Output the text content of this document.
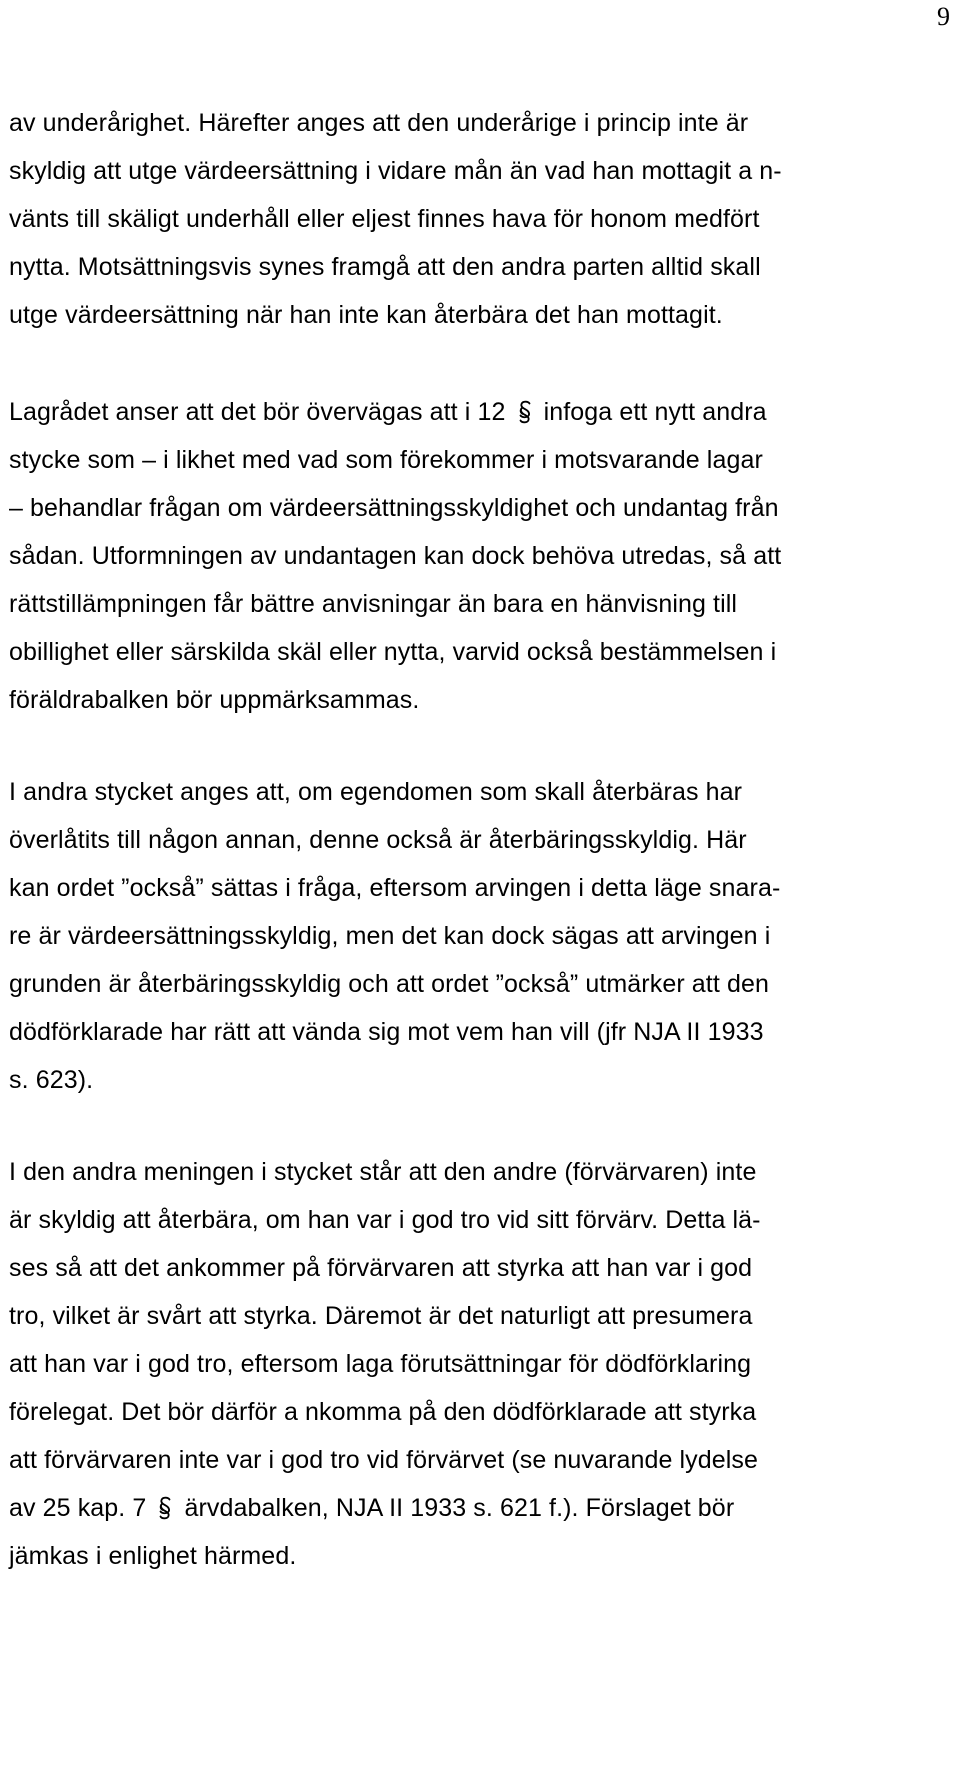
9

av underårighet. Härefter anges att den underårige i princip inte är

skyldig att utge värdeersättning i vidare mån än vad han mottagit a n-

vänts till skäligt underhåll eller eljest finnes hava för honom medfört

nytta. Motsättningsvis synes framgå att den andra parten alltid skall

utge värdeersättning när han inte kan återbära det han mottagit.

Lagrådet anser att det bör övervägas att i 12 infoga ett nytt andra

stycke som – i likhet med vad som förekommer i motsvarande lagar

– behandlar frågan om värdeersättningsskyldighet och undantag från

sådan. Utformningen av undantagen kan dock behöva utredas, så att

rättstillämpningen får bättre anvisningar än bara en hänvisning till

obillighet eller särskilda skäl eller nytta, varvid också bestämmelsen i

föräldrabalken bör uppmärksammas.

I andra stycket anges att, om egendomen som skall återbäras har

överlåtits till någon annan, denne också är återbäringsskyldig. Här

kan ordet ”också” sättas i fråga, eftersom arvingen i detta läge snara-

re är värdeersättningsskyldig, men det kan dock sägas att arvingen i

grunden är återbäringsskyldig och att ordet ”också” utmärker att den

dödförklarade har rätt att vända sig mot vem han vill (jfr NJA II 1933

s. 623).

I den andra meningen i stycket står att den andre (förvärvaren) inte

är skyldig att återbära, om han var i god tro vid sitt förvärv. Detta lä-

ses så att det ankommer på förvärvaren att styrka att han var i god

tro, vilket är svårt att styrka. Däremot är det naturligt att presumera

att han var i god tro, eftersom laga förutsättningar för dödförklaring

förelegat. Det bör därför a nkomma på den dödförklarade att styrka

att förvärvaren inte var i god tro vid förvärvet (se nuvarande lydelse

av 25 kap. 7 ärvdabalken, NJA II 1933 s. 621 f.). Förslaget bör

jämkas i enlighet härmed.
